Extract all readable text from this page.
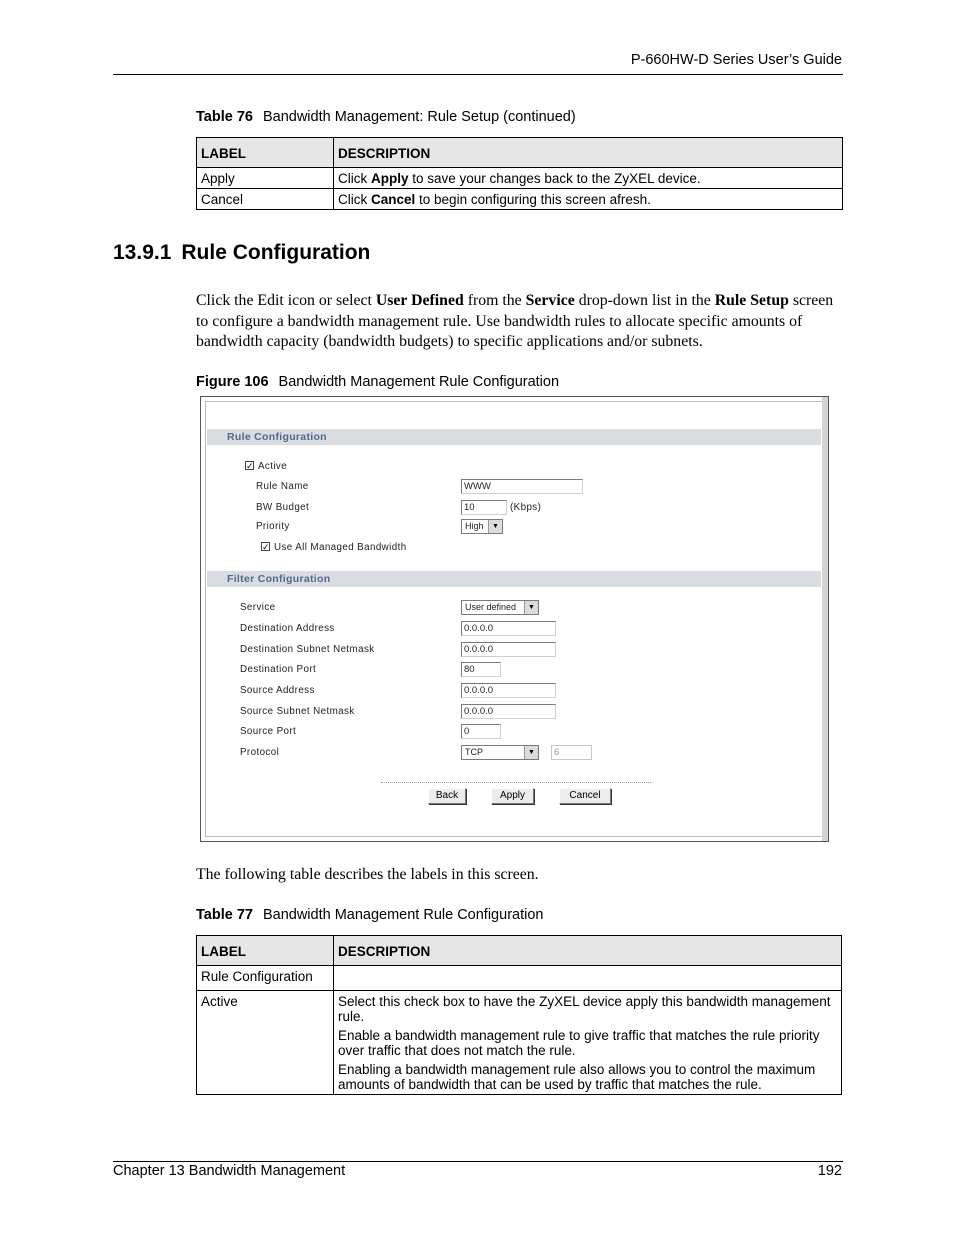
P-660HW-D Series User’s Guide
Table 76 Bandwidth Management: Rule Setup (continued)
LABEL	DESCRIPTION
Apply	Click Apply to save your changes back to the ZyXEL device.
Cancel	Click Cancel to begin configuring this screen afresh.
13.9.1 Rule Configuration
Click the Edit icon or select User Defined from the Service drop-down list in the Rule Setup screen to configure a bandwidth management rule. Use bandwidth rules to allocate specific amounts of bandwidth capacity (bandwidth budgets) to specific applications and/or subnets.
Figure 106 Bandwidth Management Rule Configuration
Rule Configuration
✓ Active
Rule Name	WWW
BW Budget	10	(Kbps)
Priority	High	▼
✓ Use All Managed Bandwidth
Filter Configuration
Service	User defined	▼
Destination Address	0.0.0.0
Destination Subnet Netmask	0.0.0.0
Destination Port	80
Source Address	0.0.0.0
Source Subnet Netmask	0.0.0.0
Source Port	0
Protocol	TCP	▼	6
Back	Apply	Cancel
The following table describes the labels in this screen.
Table 77 Bandwidth Management Rule Configuration
LABEL	DESCRIPTION
Rule Configuration	
Active	Select this check box to have the ZyXEL device apply this bandwidth management rule.

Enable a bandwidth management rule to give traffic that matches the rule priority over traffic that does not match the rule.

Enabling a bandwidth management rule also allows you to control the maximum amounts of bandwidth that can be used by traffic that matches the rule.

Chapter 13 Bandwidth Management	192
